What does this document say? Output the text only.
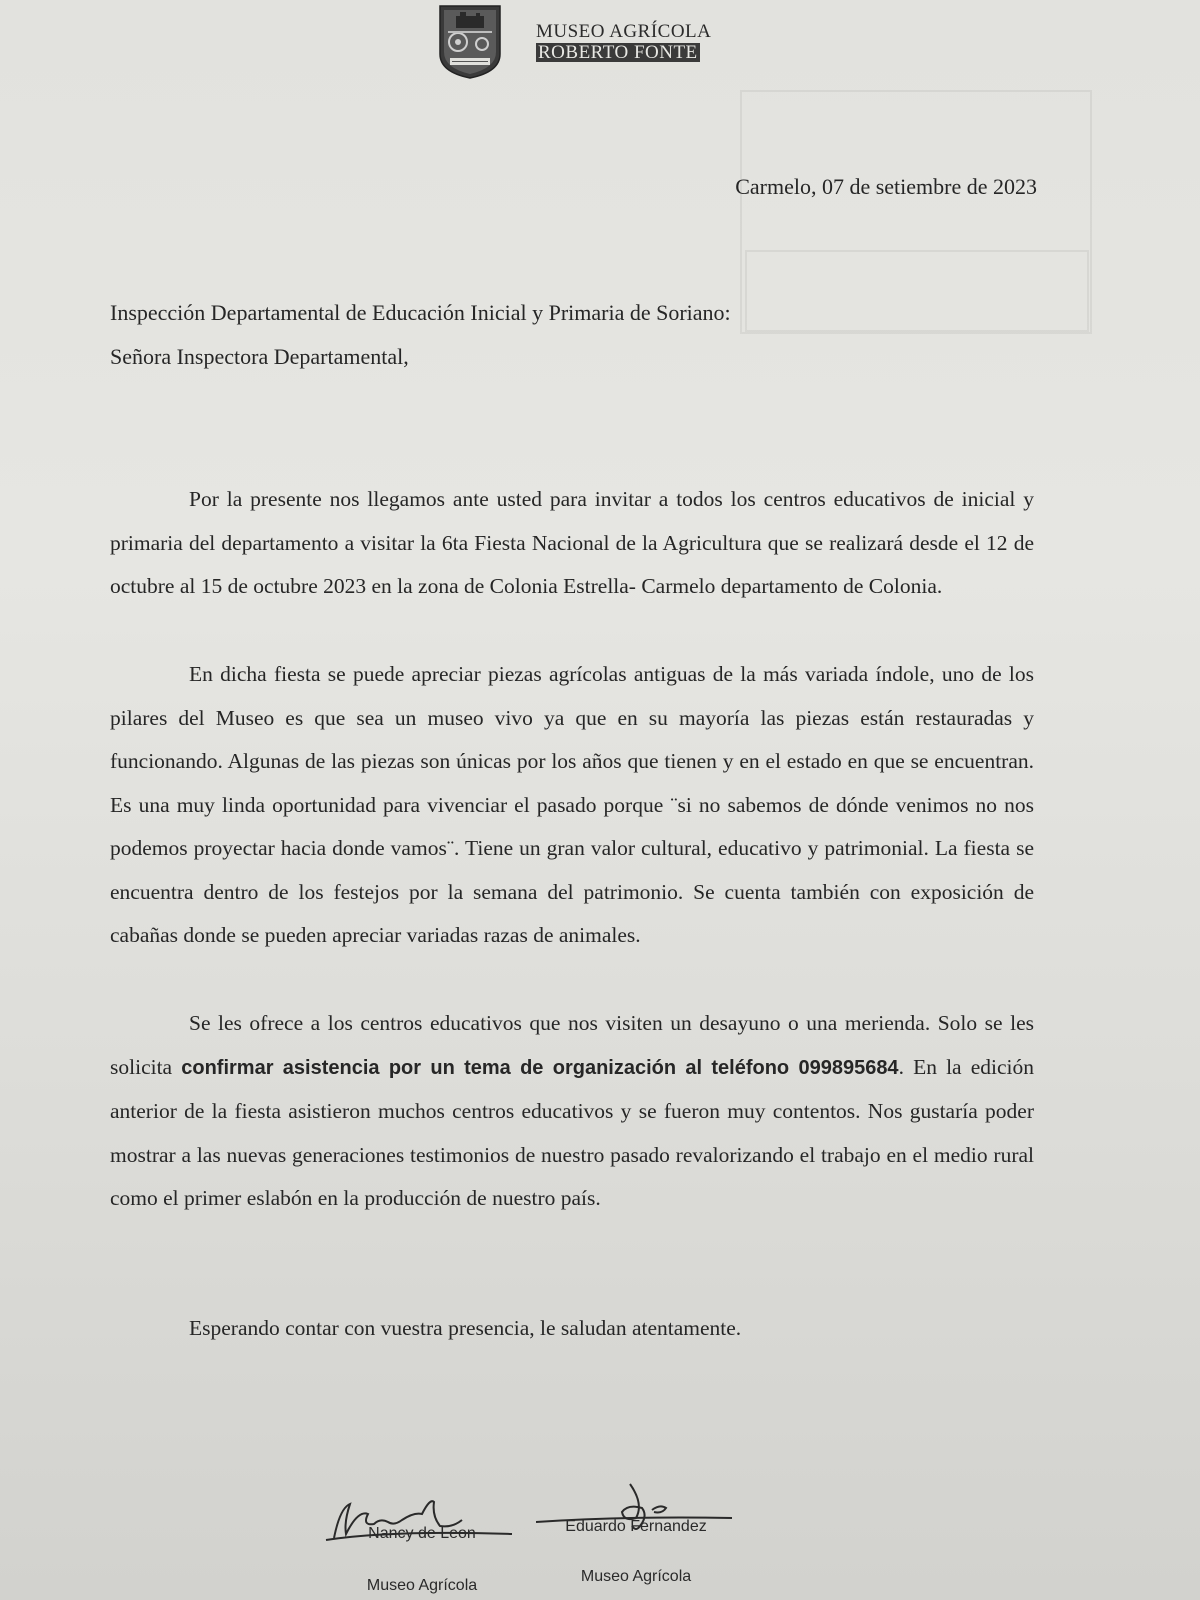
MUSEO AGRÍCOLA
ROBERTO FONTE
Carmelo, 07 de setiembre de 2023
Inspección Departamental de Educación Inicial y Primaria de Soriano:
Señora Inspectora Departamental,

Por la presente nos llegamos ante usted para invitar a todos los centros educativos de inicial y primaria del departamento a visitar la 6ta Fiesta Nacional de la Agricultura que se realizará desde el 12 de octubre al 15 de octubre 2023 en la zona de Colonia Estrella- Carmelo departamento de Colonia.

En dicha fiesta se puede apreciar piezas agrícolas antiguas de la más variada índole, uno de los pilares del Museo es que sea un museo vivo ya que en su mayoría las piezas están restauradas y funcionando. Algunas de las piezas son únicas por los años que tienen y en el estado en que se encuentran. Es una muy linda oportunidad para vivenciar el pasado porque ¨si no sabemos de dónde venimos no nos podemos proyectar hacia donde vamos¨. Tiene un gran valor cultural, educativo y patrimonial. La fiesta se encuentra dentro de los festejos por la semana del patrimonio. Se cuenta también con exposición de cabañas donde se pueden apreciar variadas razas de animales.

Se les ofrece a los centros educativos que nos visiten un desayuno o una merienda. Solo se les solicita confirmar asistencia por un tema de organización al teléfono 099895684. En la edición anterior de la fiesta asistieron muchos centros educativos y se fueron muy contentos. Nos gustaría poder mostrar a las nuevas generaciones testimonios de nuestro pasado revalorizando el trabajo en el medio rural como el primer eslabón en la producción de nuestro país.

Esperando contar con vuestra presencia, le saludan atentamente.
Nancy de Leon
Museo Agrícola
Eduardo Fernandez
Museo Agrícola
